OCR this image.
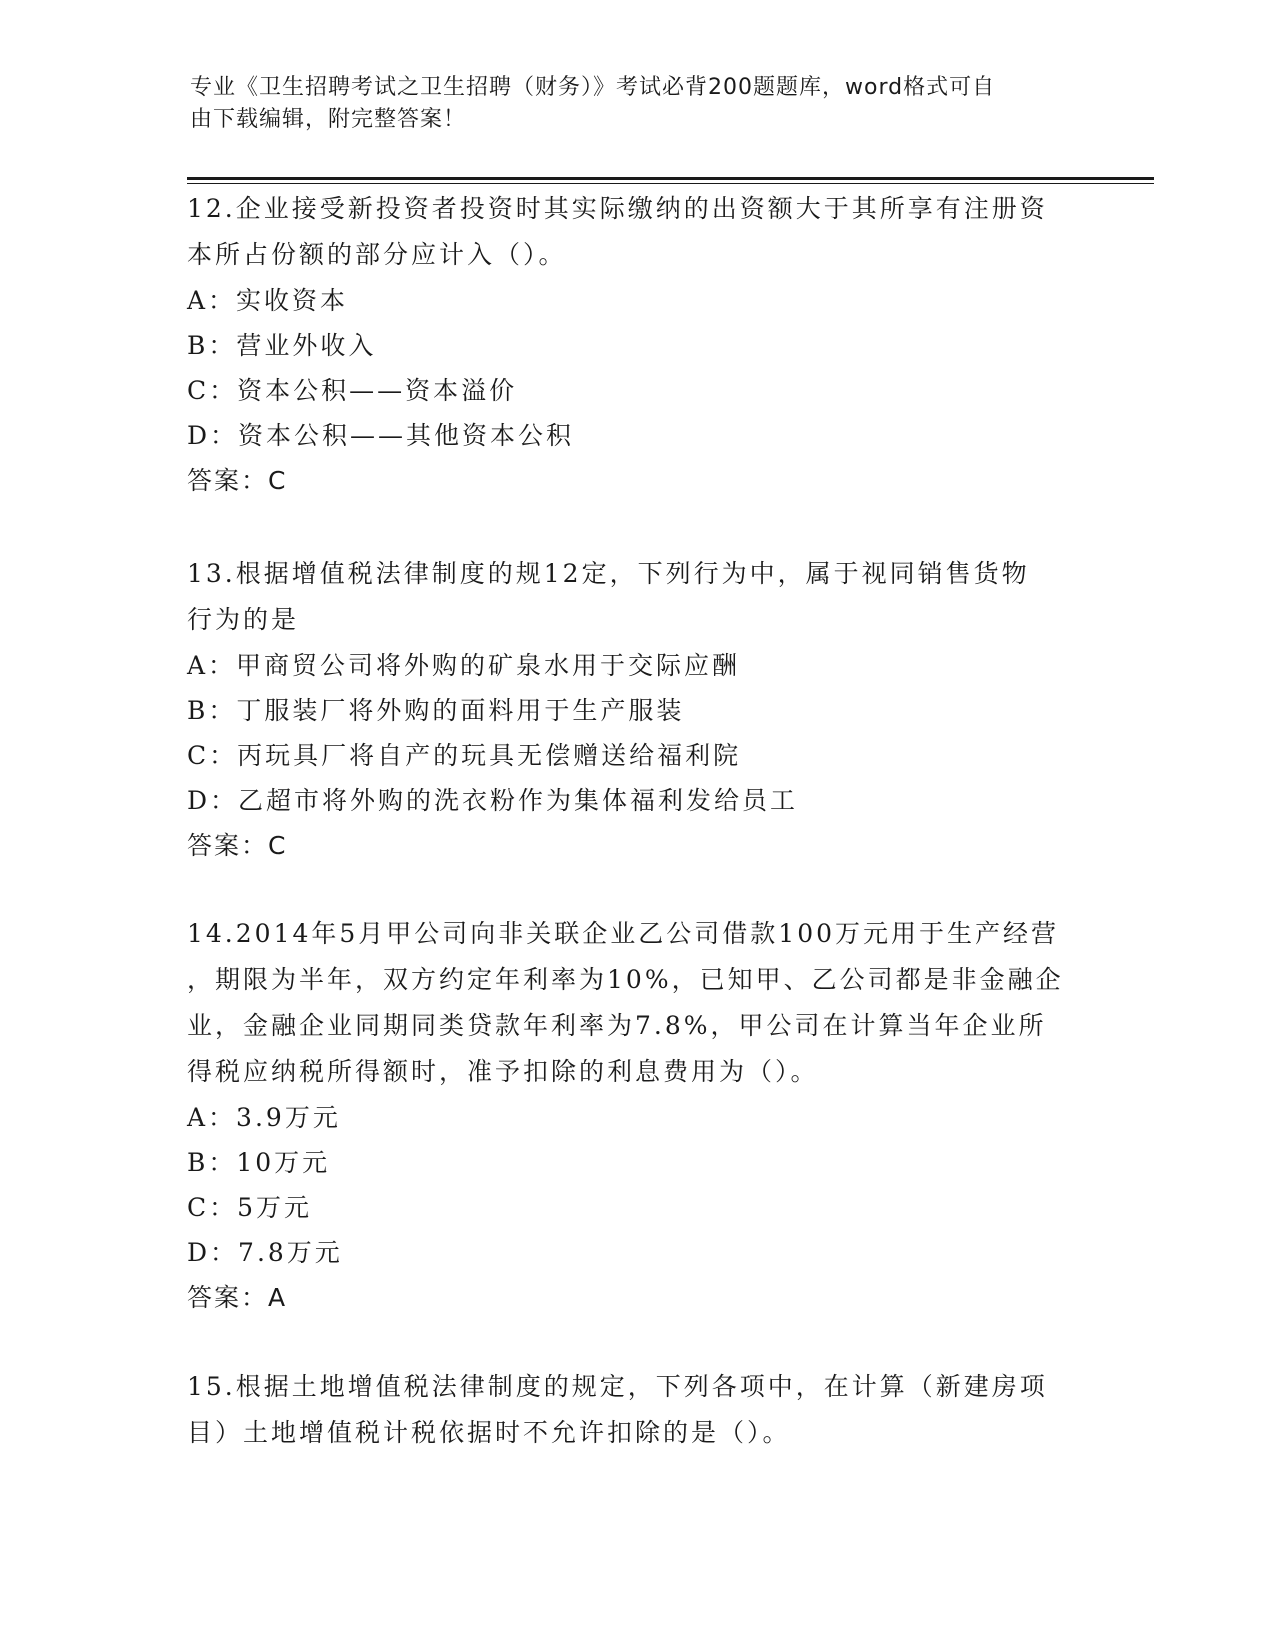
专业《卫生招聘考试之卫生招聘（财务）》考试必背200题题库，word格式可自
由下载编辑，附完整答案！
12.企业接受新投资者投资时其实际缴纳的出资额大于其所享有注册资
本所占份额的部分应计入（）。
A：实收资本
B：营业外收入
C：资本公积——资本溢价
D：资本公积——其他资本公积
答案：C
13.根据增值税法律制度的规12定，下列行为中，属于视同销售货物
行为的是
A：甲商贸公司将外购的矿泉水用于交际应酬
B：丁服装厂将外购的面料用于生产服装
C：丙玩具厂将自产的玩具无偿赠送给福利院
D：乙超市将外购的洗衣粉作为集体福利发给员工
答案：C
14.2014年5月甲公司向非关联企业乙公司借款100万元用于生产经营
，期限为半年，双方约定年利率为10%，已知甲、乙公司都是非金融企
业，金融企业同期同类贷款年利率为7.8%，甲公司在计算当年企业所
得税应纳税所得额时，准予扣除的利息费用为（）。
A：3.9万元
B：10万元
C：5万元
D：7.8万元
答案：A
15.根据土地增值税法律制度的规定，下列各项中，在计算（新建房项
目）土地增值税计税依据时不允许扣除的是（）。
